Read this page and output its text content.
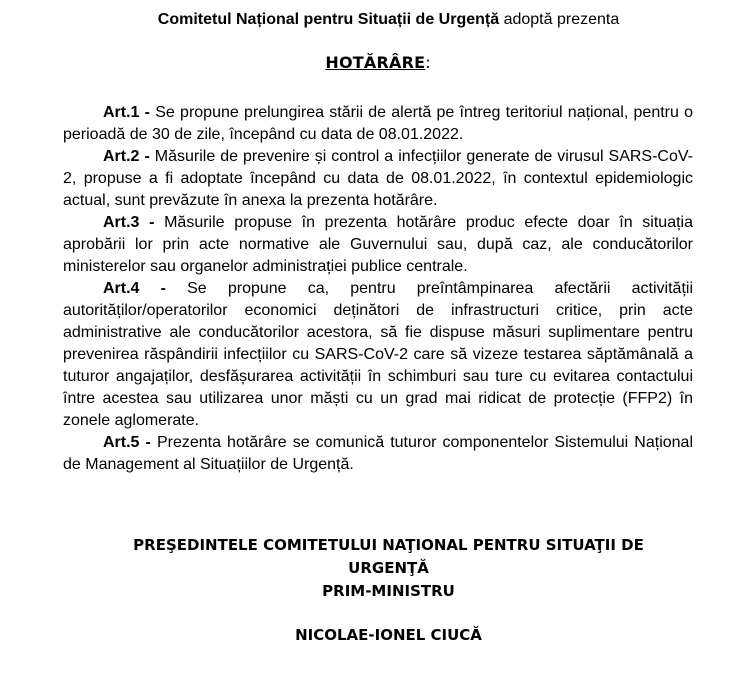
Comitetul Național pentru Situații de Urgență adoptă prezenta

HOTĂRÂRE:

Art.1 - Se propune prelungirea stării de alertă pe întreg teritoriul național, pentru o perioadă de 30 de zile, începând cu data de 08.01.2022.

Art.2 - Măsurile de prevenire și control a infecțiilor generate de virusul SARS-CoV-2, propuse a fi adoptate începând cu data de 08.01.2022, în contextul epidemiologic actual, sunt prevăzute în anexa la prezenta hotărâre.

Art.3 - Măsurile propuse în prezenta hotărâre produc efecte doar în situația aprobării lor prin acte normative ale Guvernului sau, după caz, ale conducătorilor ministerelor sau organelor administrației publice centrale.

Art.4 - Se propune ca, pentru preîntâmpinarea afectării activității autorităților/operatorilor economici deținători de infrastructuri critice, prin acte administrative ale conducătorilor acestora, să fie dispuse măsuri suplimentare pentru prevenirea răspândirii infecțiilor cu SARS-CoV-2 care să vizeze testarea săptămânală a tuturor angajaților, desfășurarea activității în schimburi sau ture cu evitarea contactului între acestea sau utilizarea unor măști cu un grad mai ridicat de protecție (FFP2) în zonele aglomerate.

Art.5 - Prezenta hotărâre se comunică tuturor componentelor Sistemului Național de Management al Situațiilor de Urgență.

PREŞEDINTELE COMITETULUI NAŢIONAL PENTRU SITUAŢII DE

URGENŢĂ

PRIM-MINISTRU

NICOLAE-IONEL CIUCĂ
